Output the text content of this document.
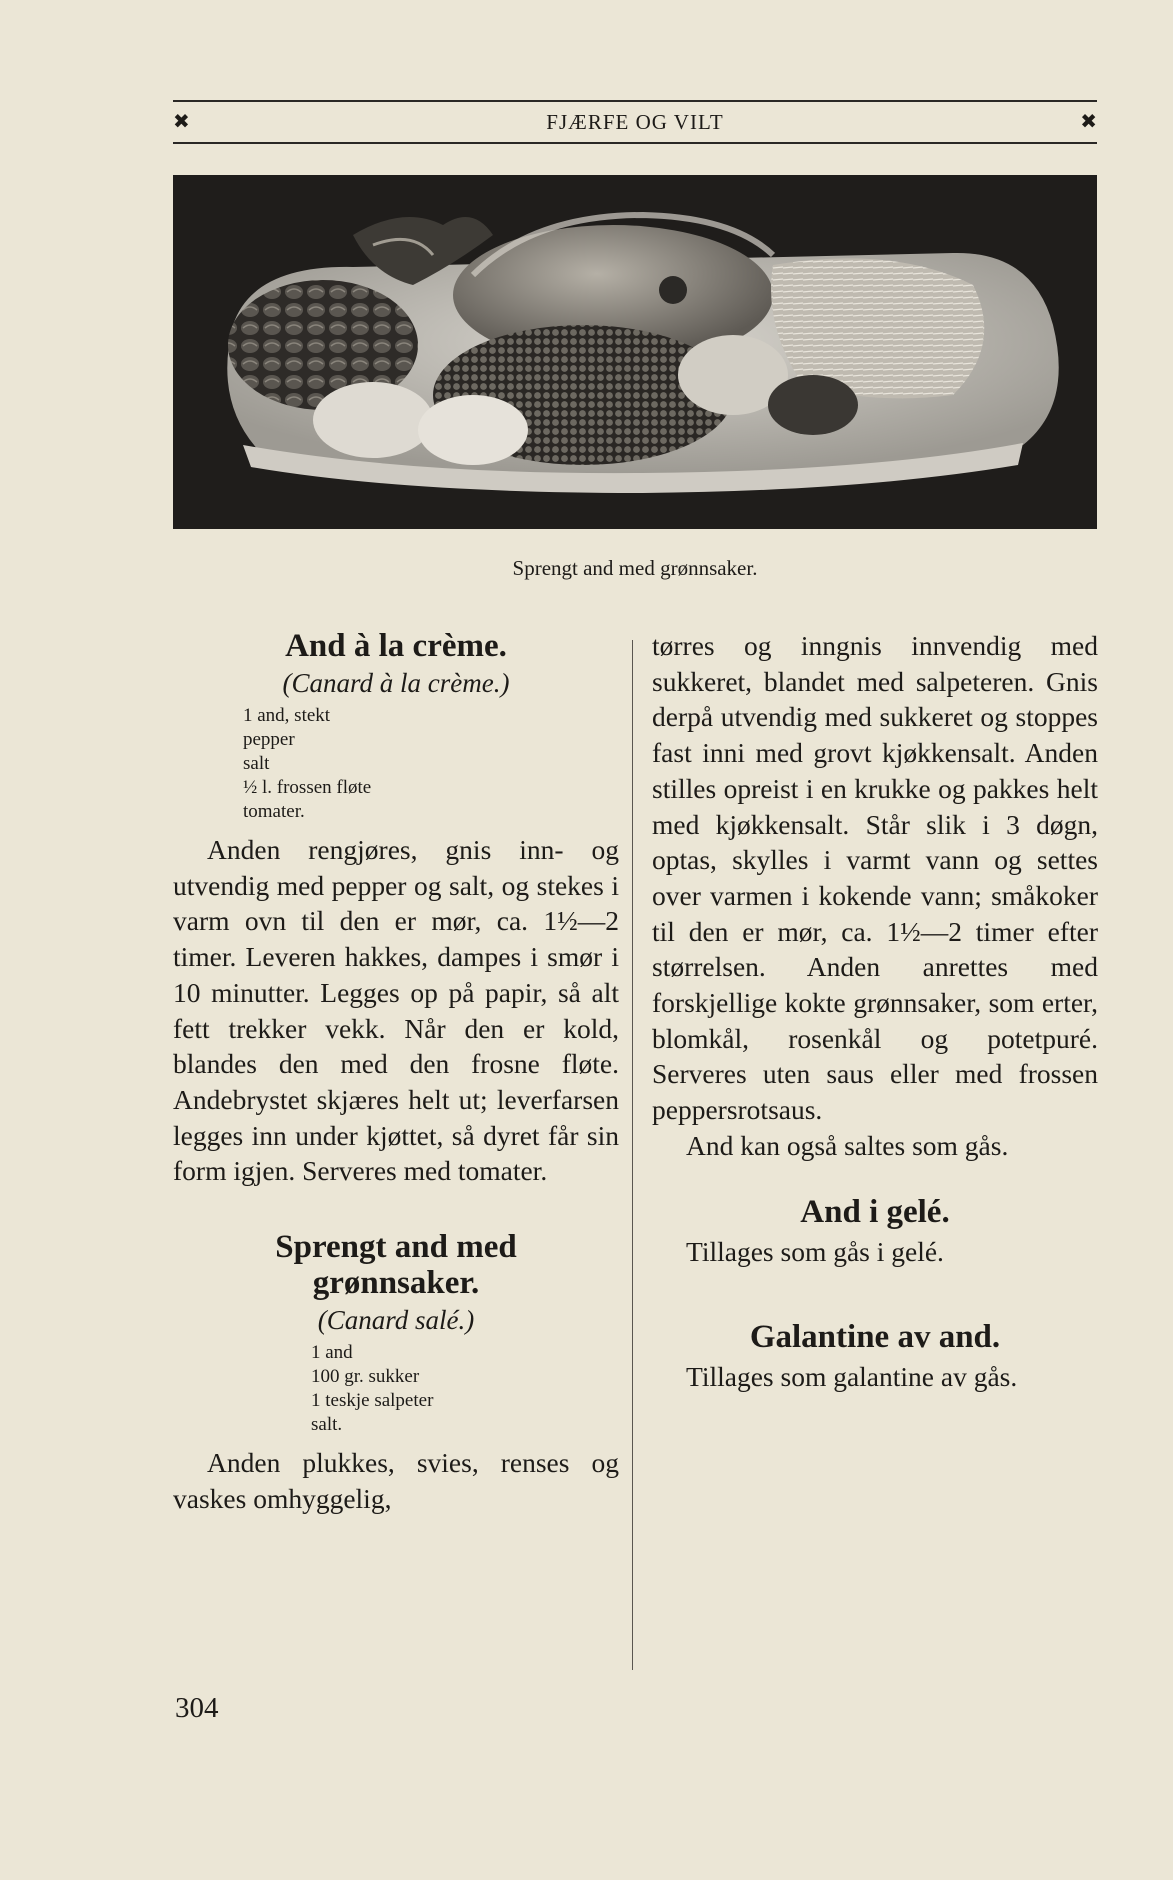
✖	FJÆRFE OG VILT	✖
Sprengt and med grønnsaker.
And à la crème.
(Canard à la crème.)
1 and, stekt
pepper
salt
½ l. frossen fløte
tomater.

Anden rengjøres, gnis inn- og utvendig med pepper og salt, og stekes i varm ovn til den er mør, ca. 1½—2 timer. Leveren hakkes, dampes i smør i 10 minutter. Legges op på papir, så alt fett trekker vekk. Når den er kold, blandes den med den frosne fløte. Andebrystet skjæres helt ut; leverfarsen legges inn under kjøttet, så dyret får sin form igjen. Serveres med tomater.

Sprengt and med
grønnsaker.
(Canard salé.)
1 and
100 gr. sukker
1 teskje salpeter
salt.

Anden plukkes, svies, renses og vaskes omhyggelig,

tørres og inngnis innvendig med sukkeret, blandet med salpeteren. Gnis derpå utvendig med sukkeret og stoppes fast inni med grovt kjøkkensalt. Anden stilles opreist i en krukke og pakkes helt med kjøkkensalt. Står slik i 3 døgn, optas, skylles i varmt vann og settes over varmen i kokende vann; småkoker til den er mør, ca. 1½—2 timer efter størrelsen. Anden anrettes med forskjellige kokte grønnsaker, som erter, blomkål, rosenkål og potetpuré. Serveres uten saus eller med frossen peppersrotsaus.

And kan også saltes som gås.

And i gelé.

Tillages som gås i gelé.

Galantine av and.

Tillages som galantine av gås.

304
